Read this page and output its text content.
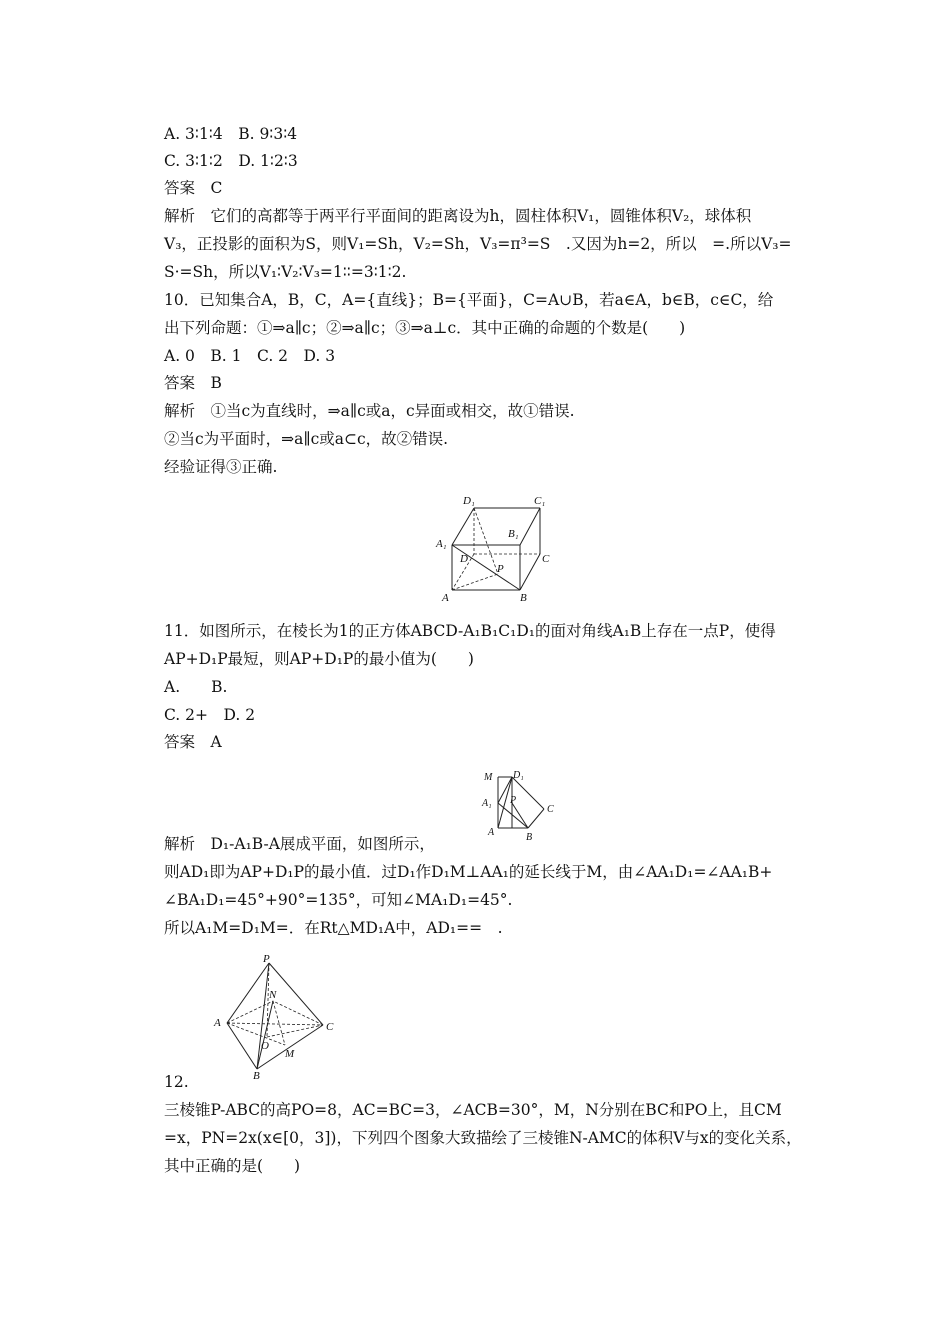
A. 3∶1∶4　B. 9∶3∶4
C. 3∶1∶2　D. 1∶2∶3
答案　C
解析　它们的高都等于两平行平面间的距离设为h，圆柱体积V₁，圆锥体积V₂，球体积
V₃，正投影的面积为S，则V₁=Sh，V₂=Sh，V₃=π³=S　.又因为h=2，所以　=.所以V₃=
S·=Sh，所以V₁∶V₂∶V₃=1∶∶=3∶1∶2.
10．已知集合A，B，C，A={直线}；B={平面}，C=A∪B，若a∈A，b∈B，c∈C，给
出下列命题：①⇒a∥c；②⇒a∥c；③⇒a⊥c．其中正确的命题的个数是(　　)
A. 0　B. 1　C. 2　D. 3
答案　B
解析　①当c为直线时，⇒a∥c或a，c异面或相交，故①错误.
②当c为平面时，⇒a∥c或a⊂c，故②错误.
经验证得③正确.
D₁	C₁
B₁
A₁
D
P
C
A	B
11．如图所示，在棱长为1的正方体ABCD-A₁B₁C₁D₁的面对角线A₁B上存在一点P，使得
AP+D₁P最短，则AP+D₁P的最小值为(　　)
A.　　B.
C. 2+　D. 2
答案　A
M D₁
A₁ P
C
A	B
解析　D₁-A₁B-A展成平面，如图所示，
则AD₁即为AP+D₁P的最小值．过D₁作D₁M⊥AA₁的延长线于M，由∠AA₁D₁=∠AA₁B+
∠BA₁D₁=45°+90°=135°，可知∠MA₁D₁=45°.
所以A₁M=D₁M=．在Rt△MD₁A中，AD₁==　.
P
N
A	C
O
M
B
12.
三棱锥P-ABC的高PO=8，AC=BC=3，∠ACB=30°，M，N分别在BC和PO上，且CM
=x，PN=2x(x∈[0，3])，下列四个图象大致描绘了三棱锥N-AMC的体积V与x的变化关系，
其中正确的是(　　)
